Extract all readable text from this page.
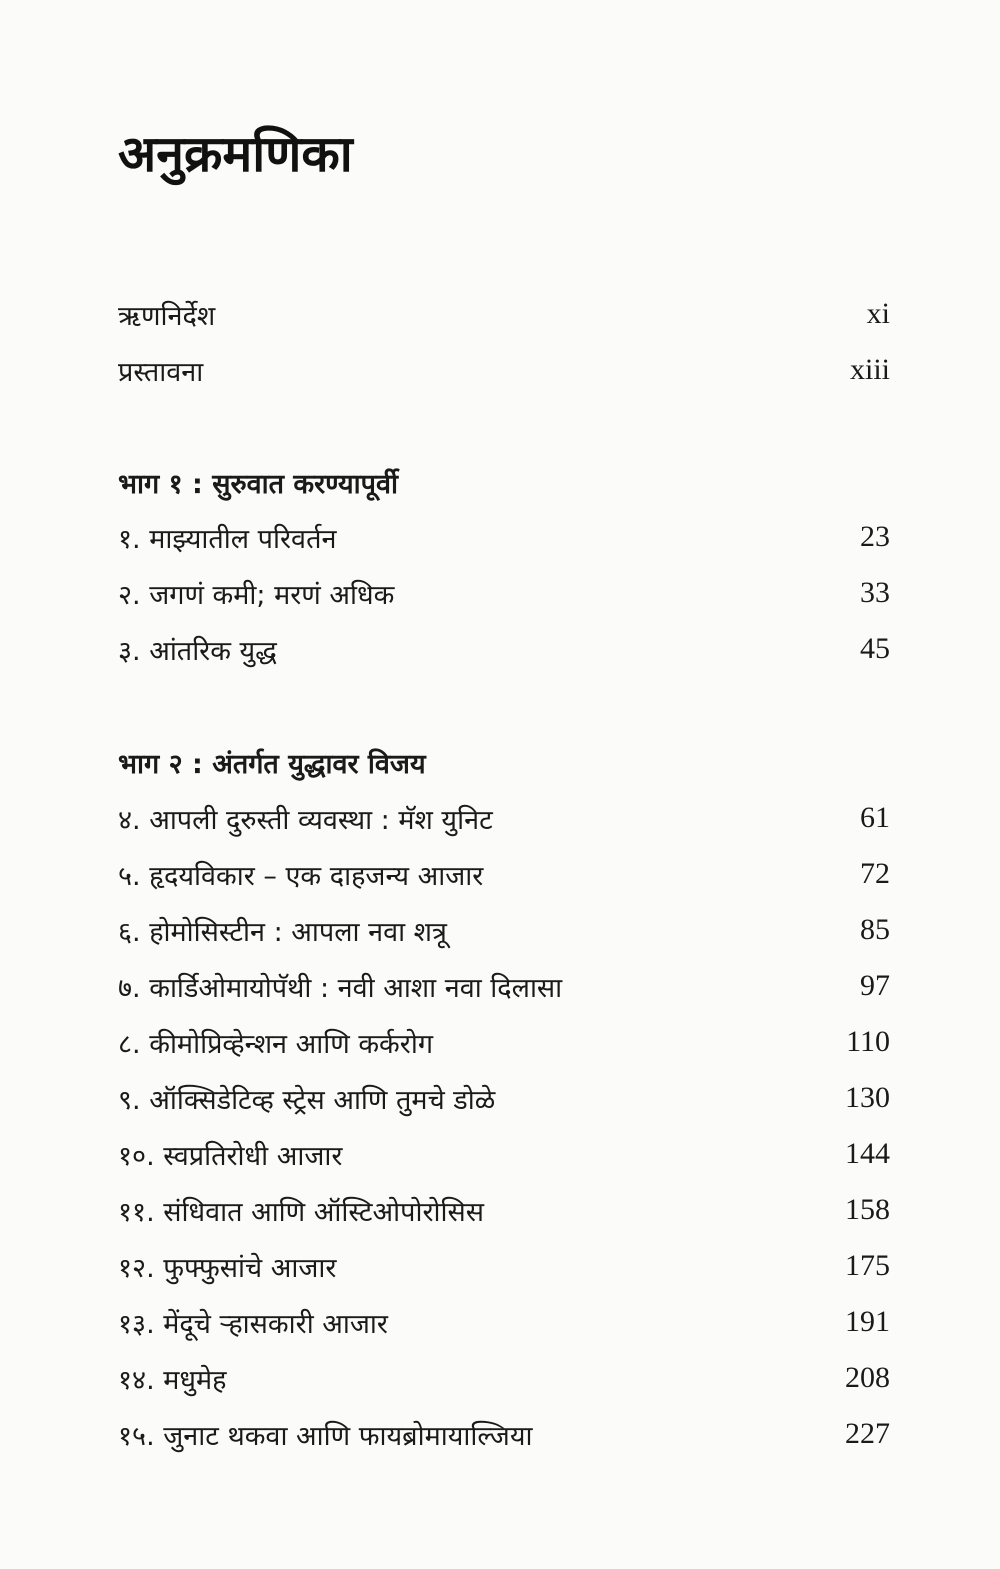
अनुक्रमणिका
ऋणनिर्देश	xi
प्रस्तावना	xiii
भाग १ : सुरुवात करण्यापूर्वी
१. माझ्यातील परिवर्तन	23
२. जगणं कमी; मरणं अधिक	33
३. आंतरिक युद्ध	45
भाग २ : अंतर्गत युद्धावर विजय
४. आपली दुरुस्ती व्यवस्था : मॅश युनिट	61
५. हृदयविकार – एक दाहजन्य आजार	72
६. होमोसिस्टीन : आपला नवा शत्रू	85
७. कार्डिओमायोपॅथी : नवी आशा नवा दिलासा	97
८. कीमोप्रिव्हेन्शन आणि कर्करोग	110
९. ऑक्सिडेटिव्ह स्ट्रेस आणि तुमचे डोळे	130
१०. स्वप्रतिरोधी आजार	144
११. संधिवात आणि ऑस्टिओपोरोसिस	158
१२. फुफ्फुसांचे आजार	175
१३. मेंदूचे ऱ्हासकारी आजार	191
१४. मधुमेह	208
१५. जुनाट थकवा आणि फायब्रोमायाल्जिया	227
